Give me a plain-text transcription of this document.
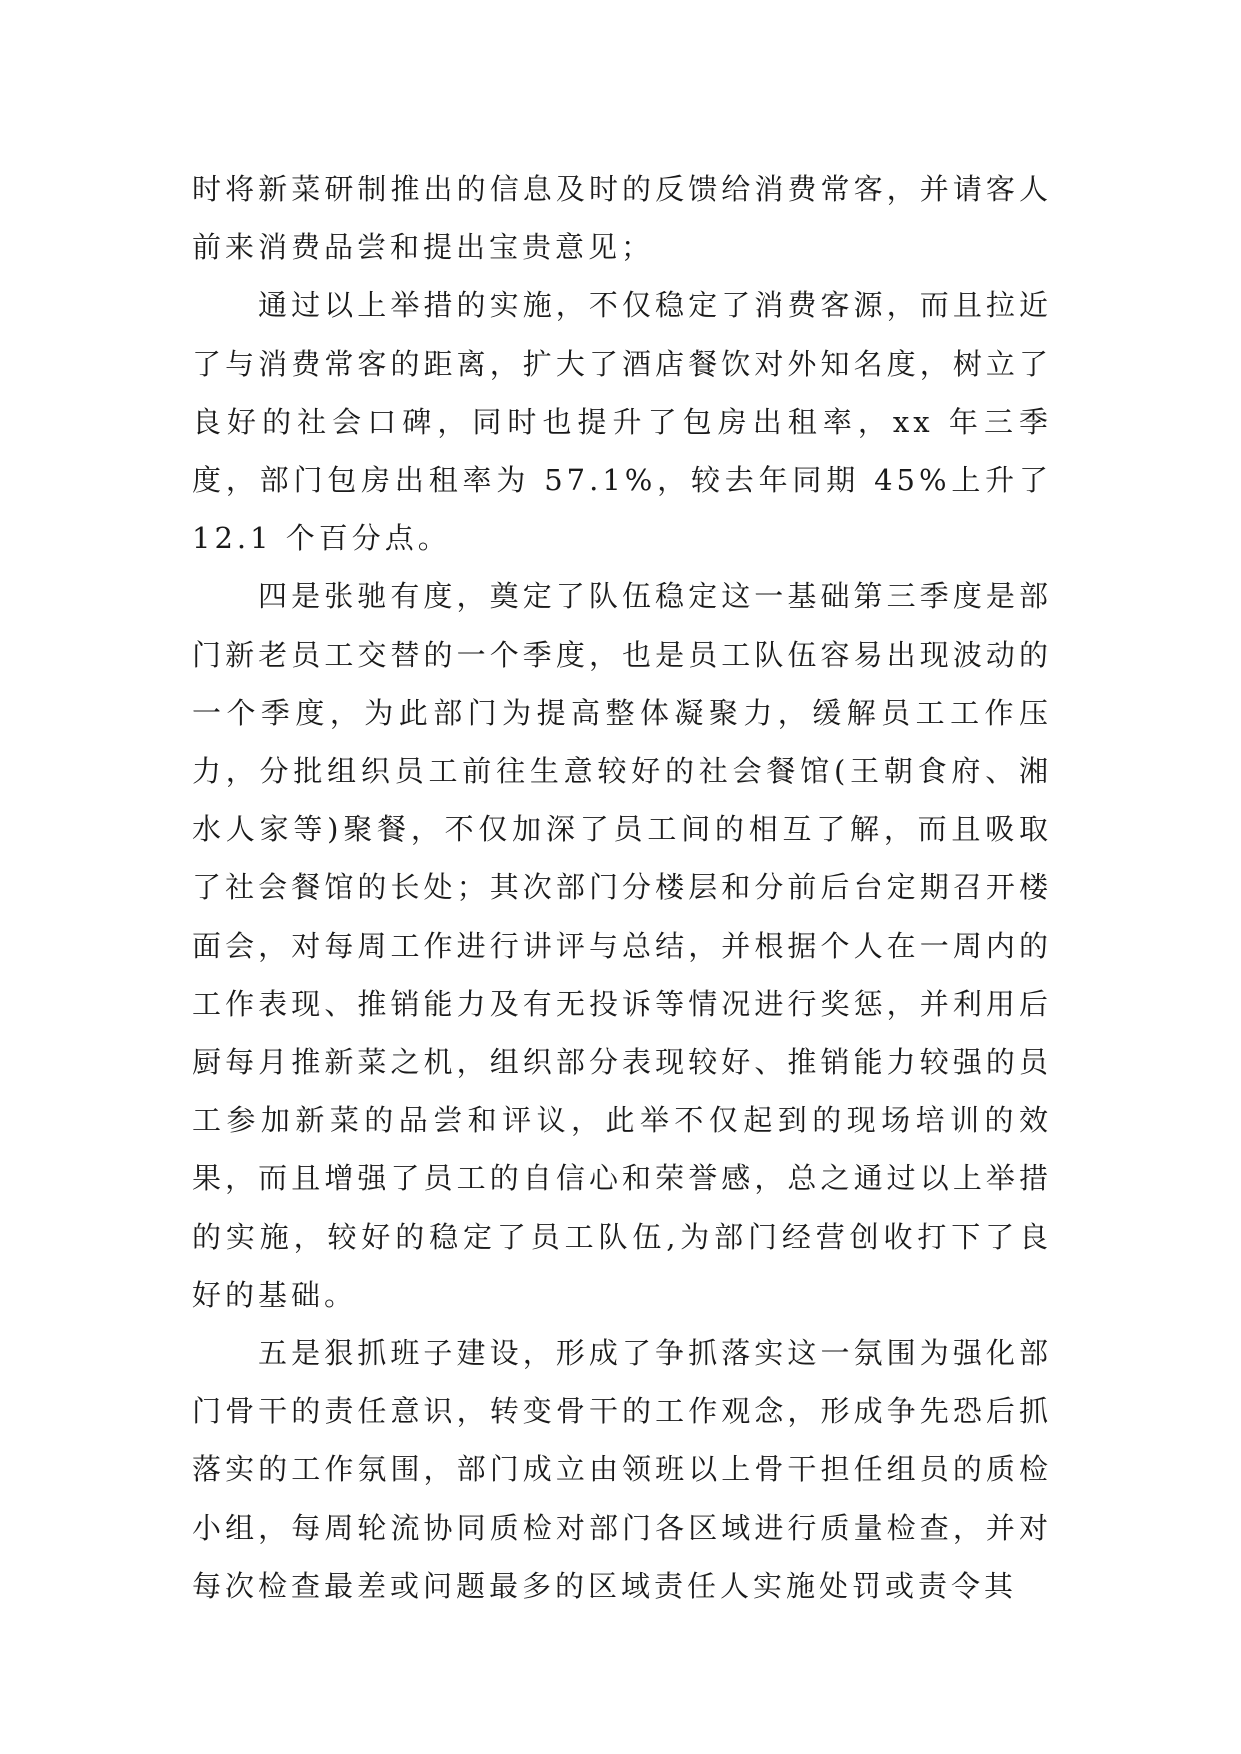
时将新菜研制推出的信息及时的反馈给消费常客，并请客人前来消费品尝和提出宝贵意见；

通过以上举措的实施，不仅稳定了消费客源，而且拉近了与消费常客的距离，扩大了酒店餐饮对外知名度，树立了良好的社会口碑，同时也提升了包房出租率，xx 年三季度，部门包房出租率为 57.1%，较去年同期 45%上升了 12.1 个百分点。

四是张驰有度，奠定了队伍稳定这一基础第三季度是部门新老员工交替的一个季度，也是员工队伍容易出现波动的一个季度，为此部门为提高整体凝聚力，缓解员工工作压力，分批组织员工前往生意较好的社会餐馆(王朝食府、湘水人家等)聚餐，不仅加深了员工间的相互了解，而且吸取了社会餐馆的长处；其次部门分楼层和分前后台定期召开楼面会，对每周工作进行讲评与总结，并根据个人在一周内的工作表现、推销能力及有无投诉等情况进行奖惩，并利用后厨每月推新菜之机，组织部分表现较好、推销能力较强的员工参加新菜的品尝和评议，此举不仅起到的现场培训的效果，而且增强了员工的自信心和荣誉感，总之通过以上举措的实施，较好的稳定了员工队伍,为部门经营创收打下了良好的基础。

五是狠抓班子建设，形成了争抓落实这一氛围为强化部门骨干的责任意识，转变骨干的工作观念，形成争先恐后抓落实的工作氛围，部门成立由领班以上骨干担任组员的质检小组，每周轮流协同质检对部门各区域进行质量检查，并对每次检查最差或问题最多的区域责任人实施处罚或责令其
